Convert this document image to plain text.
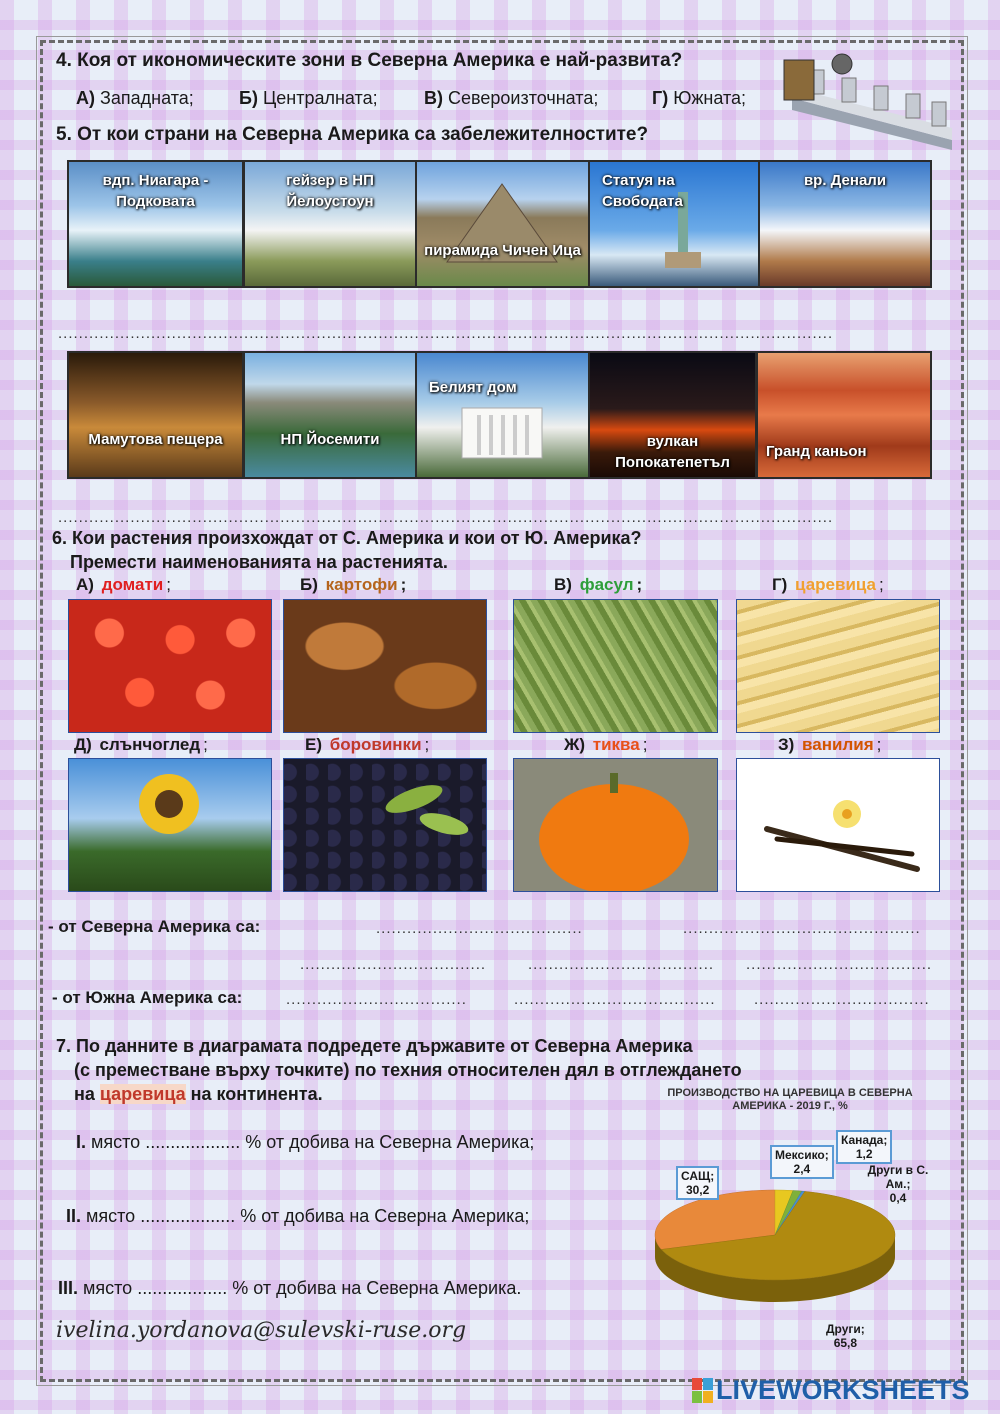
4. Коя от икономическите зони в Северна Америка е най-развита?
А) Западната;	Б) Централната;	В) Североизточната;	Г) Южната;
5. От кои страни на Северна Америка са забележителностите?
вдп. Ниагара - Подковата
гейзер в НП Йелоустоун
пирамида Чичен Ица
Статуя на Свободата
вр. Денали
......................................................................................................................................................
Мамутова пещера	НП Йосемити
Белият дом
вулкан Попокатепетъл
Гранд каньон
......................................................................................................................................................
6. Кои растения произхождат от С. Америка и кои от Ю. Америка?
Премести наименованията на растенията.
А) домати ;	Б) картофи ;	В) фасул ;	Г) царевица ;
Д) слънчоглед ;	Е) боровинки ;	Ж) тиква ;	З) ванилия ;
- от Северна Америка са:	........................................	..............................................
....................................	.................................... ....................................
- от Южна Америка са:	...................................	.......................................	..................................
7. По данните в диаграмата подредете държавите от Северна Америка
(с преместване върху точките) по техния относителен дял в отглеждането
на царевица на континента.
I. място ................... % от добива на Северна Америка;
II. място ................... % от добива на Северна Америка;
III. място .................. % от добива на Северна Америка.
ПРОИЗВОДСТВО НА ЦАРЕВИЦА В СЕВЕРНА АМЕРИКА - 2019 Г., %
САЩ;
30,2
Мексико;
2,4
Канада;
1,2
Други в С. Ам.;
0,4
Други;
65,8
ivelina.yordanova@sulevski-ruse.org
LIVEWORKSHEETS
